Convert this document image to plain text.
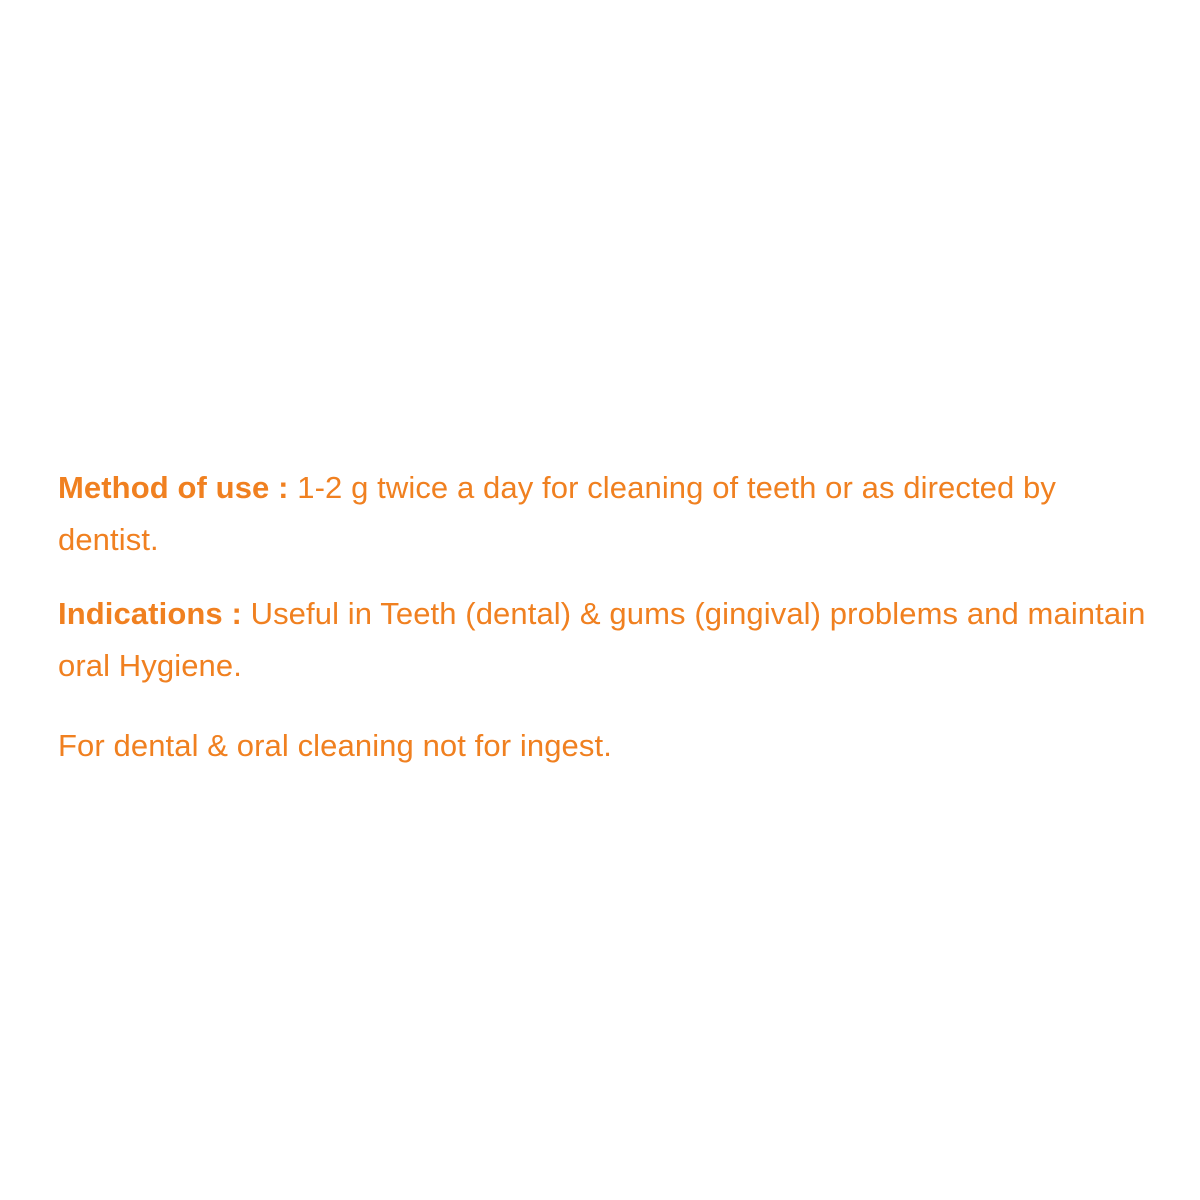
Method of use : 1-2 g twice a day for cleaning of teeth or as directed by dentist.

Indications : Useful in Teeth (dental) & gums (gingival) problems and maintain oral Hygiene.

For dental & oral cleaning not for ingest.
